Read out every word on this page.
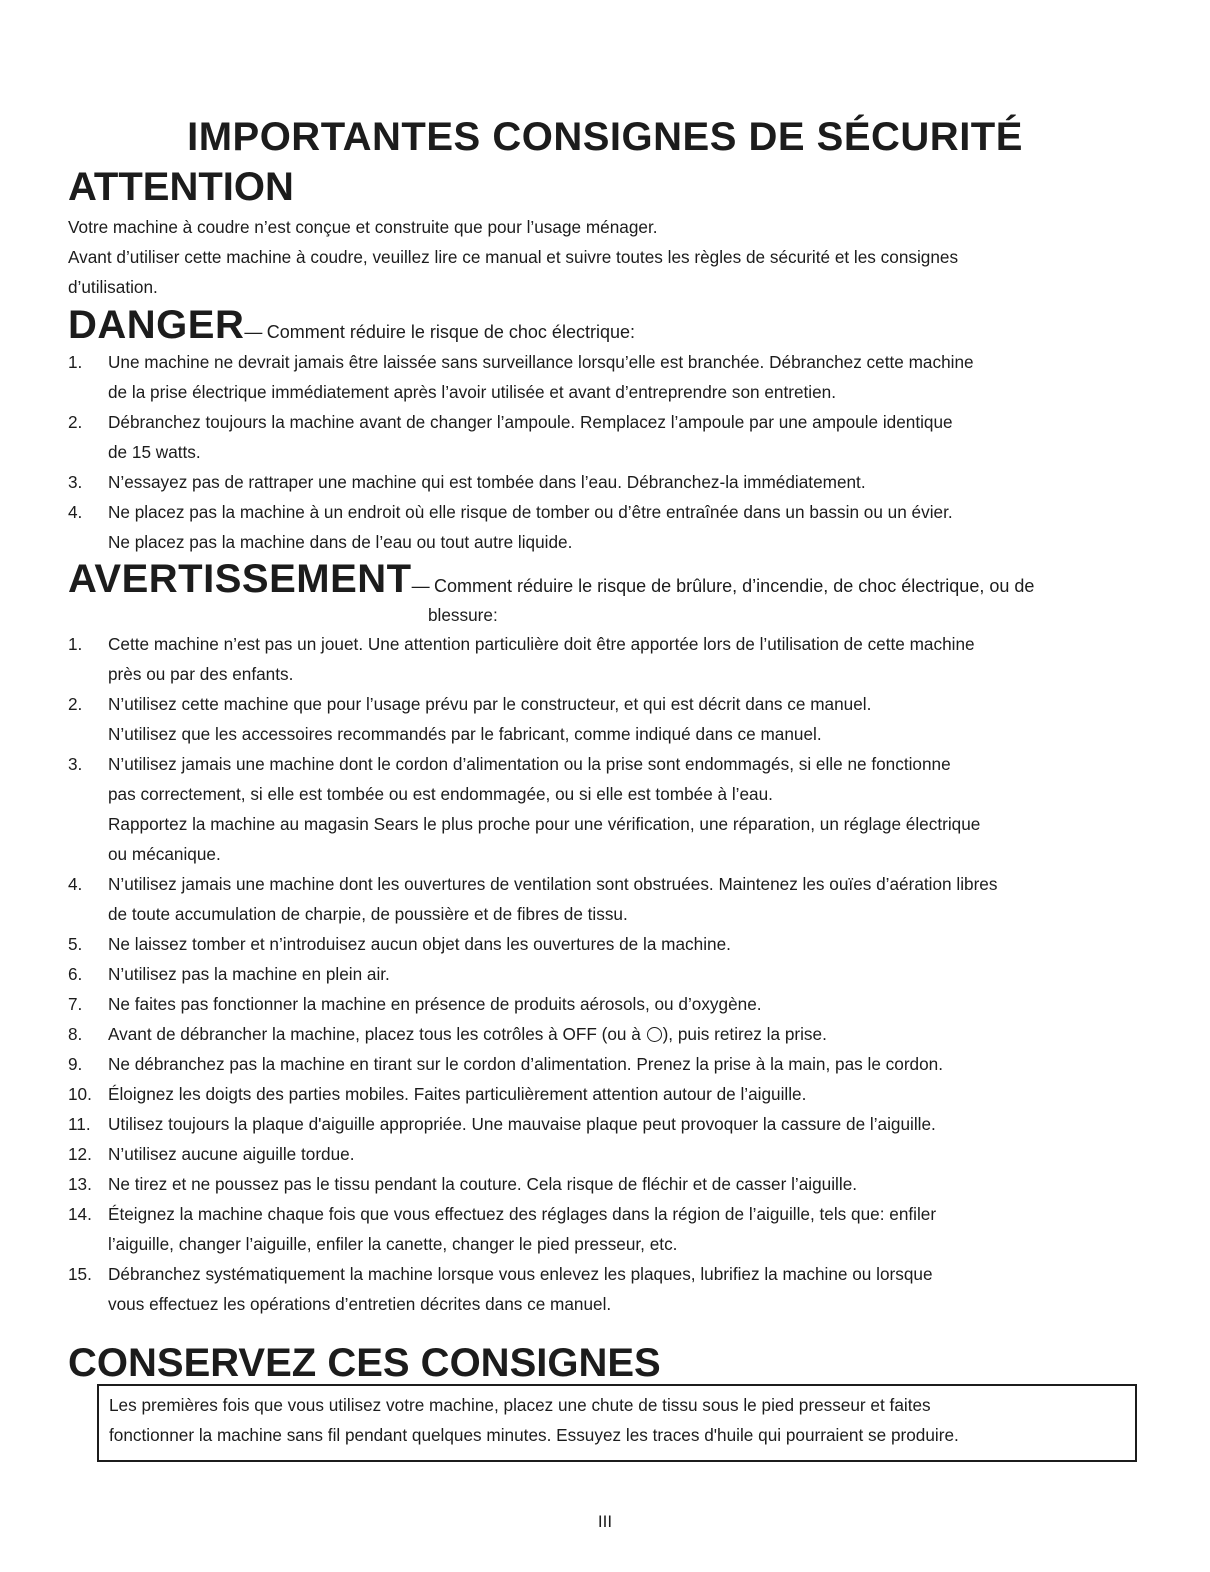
IMPORTANTES CONSIGNES DE SÉCURITÉ
ATTENTION

Votre machine à coudre n’est conçue et construite que pour l’usage ménager.
Avant d’utiliser cette machine à coudre, veuillez lire ce manual et suivre toutes les règles de sécurité et les consignes
d’utilisation.

DANGER— Comment réduire le risque de choc électrique:
1. Une machine ne devrait jamais être laissée sans surveillance lorsqu’elle est branchée. Débranchez cette machine
de la prise électrique immédiatement après l’avoir utilisée et avant d’entreprendre son entretien.
2. Débranchez toujours la machine avant de changer l’ampoule. Remplacez l’ampoule par une ampoule identique
de 15 watts.
3. N’essayez pas de rattraper une machine qui est tombée dans l’eau. Débranchez-la immédiatement.
4. Ne placez pas la machine à un endroit où elle risque de tomber ou d’être entraînée dans un bassin ou un évier.
Ne placez pas la machine dans de l’eau ou tout autre liquide.
AVERTISSEMENT— Comment réduire le risque de brûlure, d’incendie, de choc électrique, ou de
blessure:
1. Cette machine n’est pas un jouet. Une attention particulière doit être apportée lors de l’utilisation de cette machine
près ou par des enfants.
2. N’utilisez cette machine que pour l’usage prévu par le constructeur, et qui est décrit dans ce manuel.
N’utilisez que les accessoires recommandés par le fabricant, comme indiqué dans ce manuel.
3. N’utilisez jamais une machine dont le cordon d’alimentation ou la prise sont endommagés, si elle ne fonctionne
pas correctement, si elle est tombée ou est endommagée, ou si elle est tombée à l’eau.
Rapportez la machine au magasin Sears le plus proche pour une vérification, une réparation, un réglage électrique
ou mécanique.
4. N’utilisez jamais une machine dont les ouvertures de ventilation sont obstruées. Maintenez les ouïes d’aération libres
de toute accumulation de charpie, de poussière et de fibres de tissu.
5. Ne laissez tomber et n’introduisez aucun objet dans les ouvertures de la machine.
6. N’utilisez pas la machine en plein air.
7. Ne faites pas fonctionner la machine en présence de produits aérosols, ou d’oxygène.
8. Avant de débrancher la machine, placez tous les cotrôles à OFF (ou à ), puis retirez la prise.
9. Ne débranchez pas la machine en tirant sur le cordon d’alimentation. Prenez la prise à la main, pas le cordon.
10. Éloignez les doigts des parties mobiles. Faites particulièrement attention autour de l’aiguille.
11. Utilisez toujours la plaque d'aiguille appropriée. Une mauvaise plaque peut provoquer la cassure de l’aiguille.
12. N’utilisez aucune aiguille tordue.
13. Ne tirez et ne poussez pas le tissu pendant la couture. Cela risque de fléchir et de casser l’aiguille.
14. Éteignez la machine chaque fois que vous effectuez des réglages dans la région de l’aiguille, tels que: enfiler
l’aiguille, changer l’aiguille, enfiler la canette, changer le pied presseur, etc.
15. Débranchez systématiquement la machine lorsque vous enlevez les plaques, lubrifiez la machine ou lorsque
vous effectuez les opérations d’entretien décrites dans ce manuel.
CONSERVEZ CES CONSIGNES
Les premières fois que vous utilisez votre machine, placez une chute de tissu sous le pied presseur et faites
fonctionner la machine sans fil pendant quelques minutes. Essuyez les traces d'huile qui pourraient se produire.
III
